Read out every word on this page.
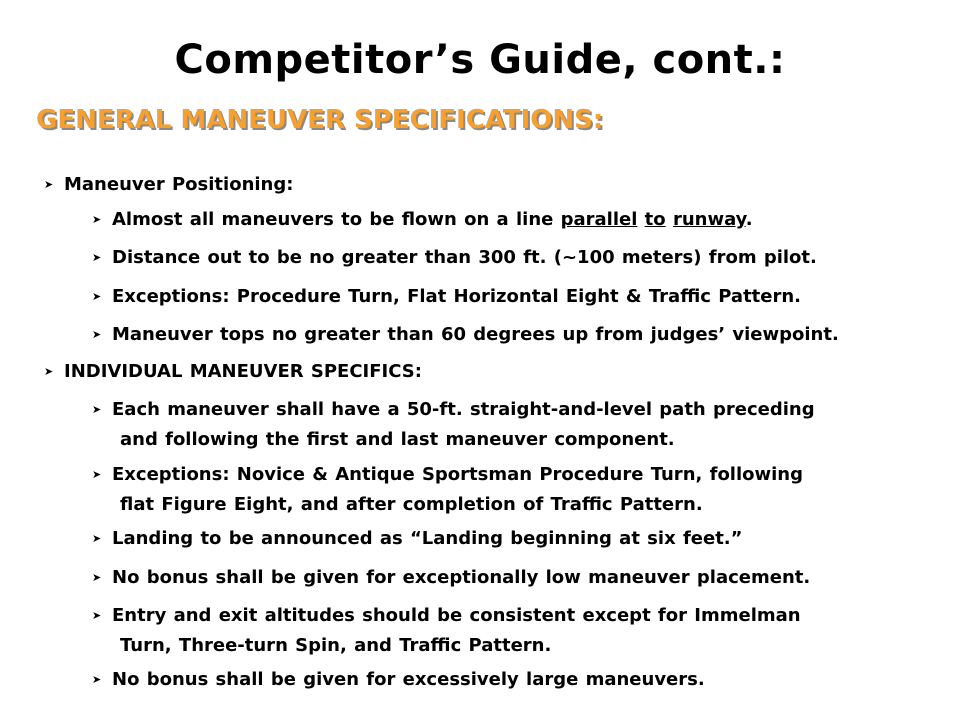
Competitor’s Guide, cont.:
GENERAL MANEUVER SPECIFICATIONS:
➤ Maneuver Positioning:
➤ Almost all maneuvers to be flown on a line parallel to runway.
➤ Distance out to be no greater than 300 ft. (~100 meters) from pilot.
➤ Exceptions: Procedure Turn, Flat Horizontal Eight & Traffic Pattern.
➤ Maneuver tops no greater than 60 degrees up from judges’ viewpoint.
➤ INDIVIDUAL MANEUVER SPECIFICS:
➤ Each maneuver shall have a 50-ft. straight-and-level path preceding
and following the first and last maneuver component.
➤ Exceptions: Novice & Antique Sportsman Procedure Turn, following
flat Figure Eight, and after completion of Traffic Pattern.
➤ Landing to be announced as “Landing beginning at six feet.”
➤ No bonus shall be given for exceptionally low maneuver placement.
➤ Entry and exit altitudes should be consistent except for Immelman
Turn, Three-turn Spin, and Traffic Pattern.
➤ No bonus shall be given for excessively large maneuvers.
